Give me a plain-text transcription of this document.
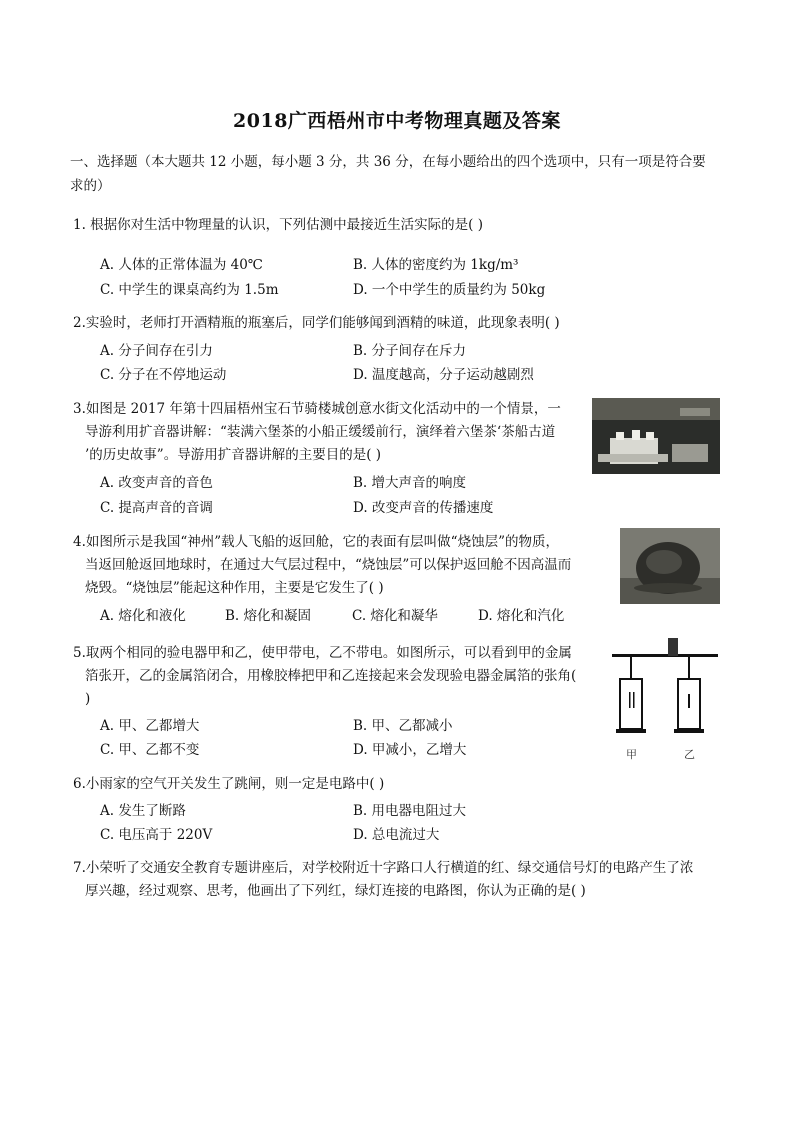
2018广西梧州市中考物理真题及答案
一、选择题（本大题共 12 小题，每小题 3 分，共 36 分，在每小题给出的四个选项中，只有一项是符合要
求的）
1. 根据你对生活中物理量的认识，下列估测中最接近生活实际的是( )
A. 人体的正常体温为 40℃	B. 人体的密度约为 1kg/m³
C. 中学生的课桌高约为 1.5m	D. 一个中学生的质量约为 50kg
2.实验时，老师打开酒精瓶的瓶塞后，同学们能够闻到酒精的味道，此现象表明( )
A. 分子间存在引力	B. 分子间存在斥力
C. 分子在不停地运动	D. 温度越高，分子运动越剧烈
3.如图是 2017 年第十四届梧州宝石节骑楼城创意水街文化活动中的一个情景，一
导游利用扩音器讲解：“装满六堡茶的小船正缓缓前行，演绎着六堡茶‘茶船古道
’的历史故事”。导游用扩音器讲解的主要目的是( )
A. 改变声音的音色	B. 增大声音的响度
C. 提高声音的音调	D. 改变声音的传播速度
4.如图所示是我国“神州”载人飞船的返回舱，它的表面有层叫做“烧蚀层”的物质，
当返回舱返回地球时，在通过大气层过程中，“烧蚀层”可以保护返回舱不因高温而
烧毁。“烧蚀层”能起这种作用，主要是它发生了( )
A. 熔化和液化	B. 熔化和凝固	C. 熔化和凝华	D. 熔化和汽化
5.取两个相同的验电器甲和乙，使甲带电，乙不带电。如图所示，可以看到甲的金属
箔张开，乙的金属箔闭合，用橡胶棒把甲和乙连接起来会发现验电器金属箔的张角(
)
A. 甲、乙都增大	B. 甲、乙都减小
C. 甲、乙都不变	D. 甲减小，乙增大	甲	乙
6.小雨家的空气开关发生了跳闸，则一定是电路中( )
A. 发生了断路	B. 用电器电阻过大
C. 电压高于 220V	D. 总电流过大
7.小荣听了交通安全教育专题讲座后，对学校附近十字路口人行横道的红、绿交通信号灯的电路产生了浓
厚兴趣，经过观察、思考，他画出了下列红，绿灯连接的电路图，你认为正确的是( )
